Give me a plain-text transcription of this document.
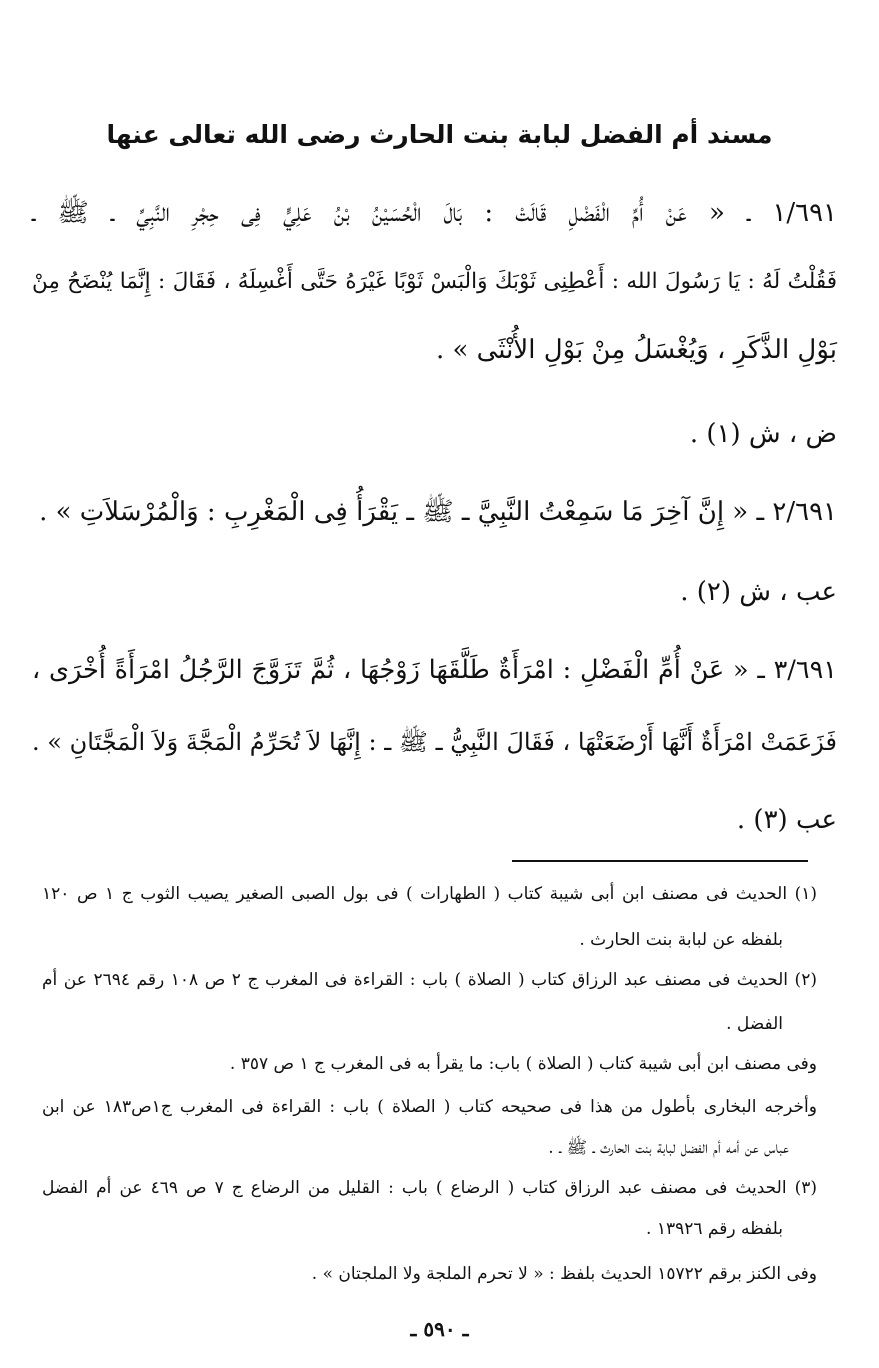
مسند أم الفضل لبابة بنت الحارث رضى الله تعالى عنها
١/٦٩١ ـ « عَنْ أُمِّ الْفَضْلِ قَالَتْ : بَالَ الْحُسَيْنُ بْنُ عَلِيٍّ فِى حِجْرِ النَّبِيِّ ـ ﷺ ـ
فَقُلْتُ لَهُ : يَا رَسُولَ الله : أَعْطِنِى ثَوْبَكَ وَالْبَسْ ثَوْبًا غَيْرَهُ حَتَّى أَغْسِلَهُ ، فَقَالَ : إِنَّمَا يُنْضَحُ مِنْ
بَوْلِ الذَّكَرِ ، وَيُغْسَلُ مِنْ بَوْلِ الأُنْثَى » .
ض ، ش (١) .
٢/٦٩١ ـ « إِنَّ آخِرَ مَا سَمِعْتُ النَّبِيَّ ـ ﷺ ـ يَقْرَأُ فِى الْمَغْرِبِ : وَالْمُرْسَلاَتِ » .
عب ، ش (٢) .
٣/٦٩١ ـ « عَنْ أُمِّ الْفَضْلِ : امْرَأَةٌ طَلَّقَهَا زَوْجُهَا ، ثُمَّ تَزَوَّجَ الرَّجُلُ امْرَأَةً أُخْرَى ،
فَزَعَمَتْ امْرَأَةٌ أَنَّهَا أَرْضَعَتْهَا ، فَقَالَ النَّبِيُّ ـ ﷺ ـ : إِنَّهَا لاَ تُحَرِّمُ الْمَجَّةَ وَلاَ الْمَجَّتَانِ » .
عب (٣) .
(١) الحديث فى مصنف ابن أبى شيبة كتاب ( الطهارات ) فى بول الصبى الصغير يصيب الثوب ج ١ ص ١٢٠
بلفظه عن لبابة بنت الحارث .
(٢) الحديث فى مصنف عبد الرزاق كتاب ( الصلاة ) باب : القراءة فى المغرب ج ٢ ص ١٠٨ رقم ٢٦٩٤ عن أم
الفضل .
وفى مصنف ابن أبى شيبة كتاب ( الصلاة ) باب: ما يقرأ به فى المغرب ج ١ ص ٣٥٧ .
وأخرجه البخارى بأطول من هذا فى صحيحه كتاب ( الصلاة ) باب : القراءة فى المغرب ج١ص١٨٣ عن ابن
عباس عن أمه أم الفضل لبابة بنت الحارث ـ ﷺ ـ .
(٣) الحديث فى مصنف عبد الرزاق كتاب ( الرضاع ) باب : القليل من الرضاع ج ٧ ص ٤٦٩ عن أم الفضل
بلفظه رقم ١٣٩٢٦ .
وفى الكنز برقم ١٥٧٢٢ الحديث بلفظ : « لا تحرم الملجة ولا الملجتان » .
ـ ٥٩٠ ـ
